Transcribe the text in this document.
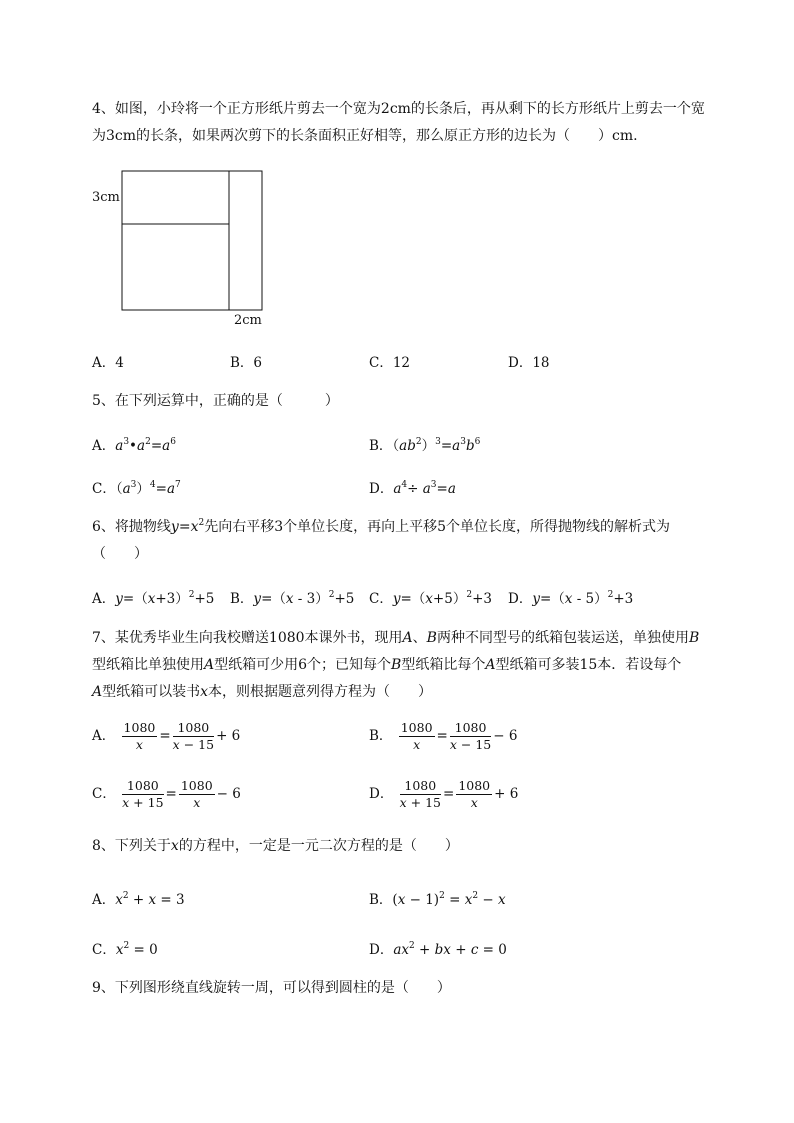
4、如图，小玲将一个正方形纸片剪去一个宽为2cm的长条后，再从剩下的长方形纸片上剪去一个宽
为3cm的长条，如果两次剪下的长条面积正好相等，那么原正方形的边长为（　　）cm.
3cm
2cm
A．4	B．6	C．12	D．18
5、在下列运算中，正确的是（　　　）
A．$a^3•a^2=a^6$	B．$(ab^2)^3=a^3b^6$
C．$(a^3)^4=a^7$	D．$a^4\div a^3=a$
6、将抛物线$y=x^2$先向右平移3个单位长度，再向上平移5个单位长度，所得抛物线的解析式为
（　　）
A．$y=(x+3)^2+5$ B．y=（x - 3）$^2$+5 C．$y=(x+5)^2+3$ D．y=（x - 5）$^2$+3
7、某优秀毕业生向我校赠送1080本课外书，现用A、B两种不同型号的纸箱包装运送，单独使用B
型纸箱比单独使用A型纸箱可少用6个；已知每个B型纸箱比每个A型纸箱可多装15本．若设每个
A型纸箱可以装书x本，则根据题意列得方程为（　　）
A． $\frac{1080}{x} = \frac{1080}{x - 15} + 6$	B． $\frac{1080}{x} = \frac{1080}{x - 15} - 6$
C． $\frac{1080}{x + 15} = \frac{1080}{x} - 6$	D． $\frac{1080}{x + 15} = \frac{1080}{x} + 6$
8、下列关于x的方程中，一定是一元二次方程的是（　　）
A．$x^2 + x = 3$	B．$(x - 1)^2 = x^2 - x$
C．$x^2 = 0$	D．$ax^2$ + bx + c = 0
9、下列图形绕直线旋转一周，可以得到圆柱的是（　　）
